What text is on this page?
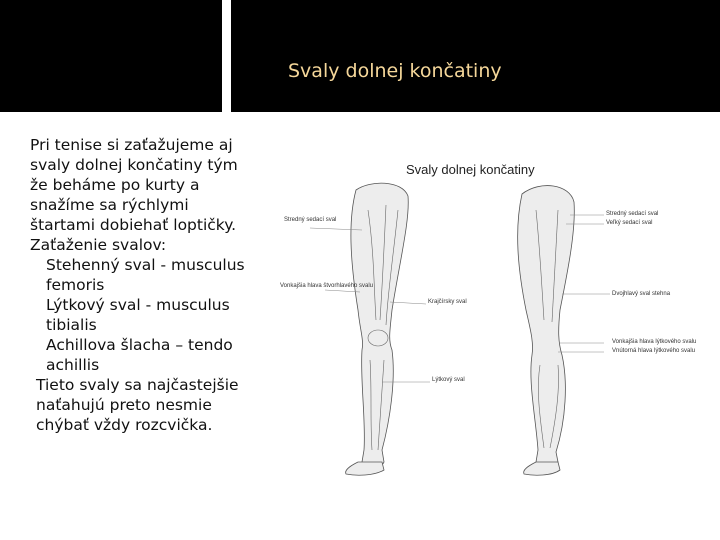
Svaly dolnej končatiny

Pri tenise si zaťažujeme aj svaly dolnej končatiny tým že beháme po kurty a snažíme sa rýchlymi štartami dobiehať loptičky.

Zaťaženie svalov:

Stehenný sval - musculus femoris

Lýtkový sval - musculus tibialis

Achillova šlacha – tendo achillis

Tieto svaly sa najčastejšie naťahujú preto nesmie chýbať vždy rozcvička.

Svaly dolnej končatiny
Stredný sedací sval
Vonkajšia hlava štvorhlavého svalu
Krajčírsky sval
Lýtkový sval
Stredný sedací sval
Veľký sedací sval
Dvojhlavý sval stehna
Vonkajšia hlava lýtkového svalu
Vnútorná hlava lýtkového svalu
